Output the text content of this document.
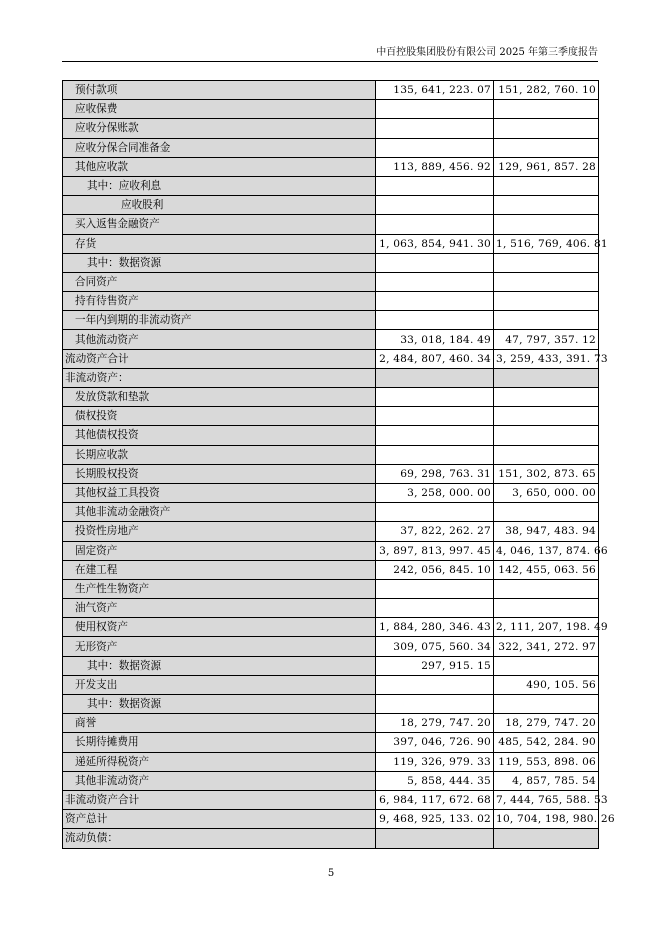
中百控股集团股份有限公司 2025 年第三季度报告
预付款项	135, 641, 223. 07	151, 282, 760. 10
应收保费		
应收分保账款		
应收分保合同准备金		
其他应收款	113, 889, 456. 92	129, 961, 857. 28
其中：应收利息		
应收股利		
买入返售金融资产		
存货	1, 063, 854, 941. 30	1, 516, 769, 406. 81
其中：数据资源		
合同资产		
持有待售资产		
一年内到期的非流动资产		
其他流动资产	33, 018, 184. 49	47, 797, 357. 12
流动资产合计	2, 484, 807, 460. 34	3, 259, 433, 391. 73
非流动资产：		
发放贷款和垫款		
债权投资		
其他债权投资		
长期应收款		
长期股权投资	69, 298, 763. 31	151, 302, 873. 65
其他权益工具投资	3, 258, 000. 00	3, 650, 000. 00
其他非流动金融资产		
投资性房地产	37, 822, 262. 27	38, 947, 483. 94
固定资产	3, 897, 813, 997. 45	4, 046, 137, 874. 66
在建工程	242, 056, 845. 10	142, 455, 063. 56
生产性生物资产		
油气资产		
使用权资产	1, 884, 280, 346. 43	2, 111, 207, 198. 49
无形资产	309, 075, 560. 34	322, 341, 272. 97
其中：数据资源	297, 915. 15	
开发支出		490, 105. 56
其中：数据资源		
商誉	18, 279, 747. 20	18, 279, 747. 20
长期待摊费用	397, 046, 726. 90	485, 542, 284. 90
递延所得税资产	119, 326, 979. 33	119, 553, 898. 06
其他非流动资产	5, 858, 444. 35	4, 857, 785. 54
非流动资产合计	6, 984, 117, 672. 68	7, 444, 765, 588. 53
资产总计	9, 468, 925, 133. 02	10, 704, 198, 980. 26
流动负债：		
5
